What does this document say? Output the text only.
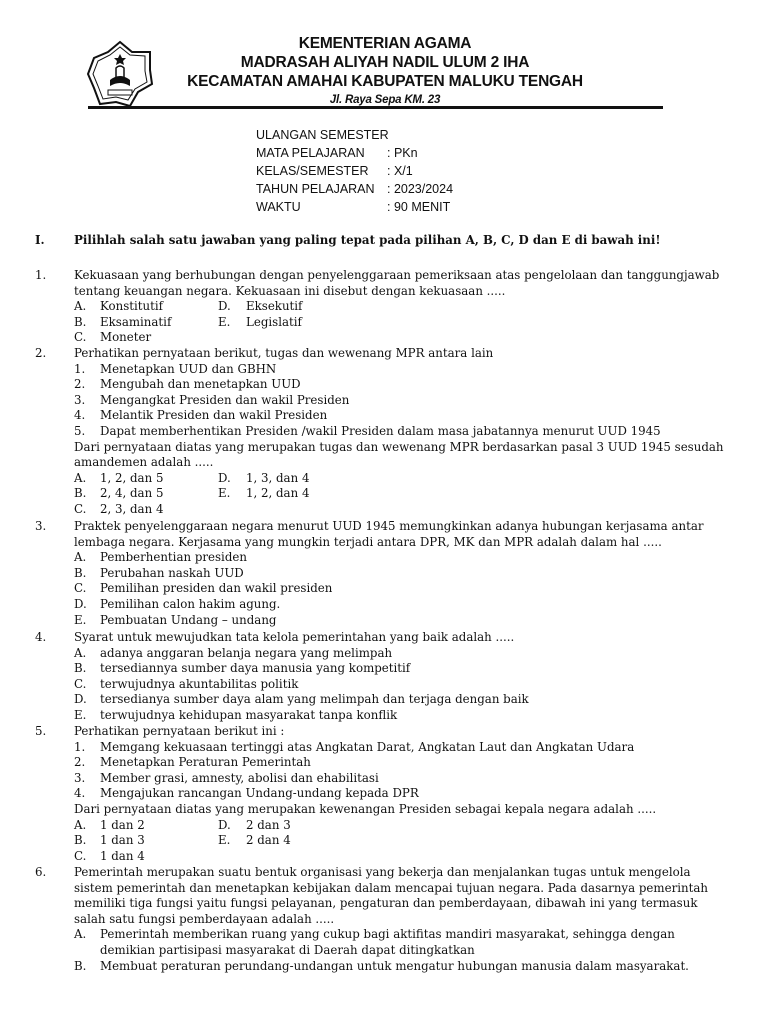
KEMENTERIAN AGAMA
MADRASAH ALIYAH NADIL ULUM 2 IHA
KECAMATAN AMAHAI KABUPATEN MALUKU TENGAH
Jl. Raya Sepa KM. 23
ULANGAN SEMESTER
MATA PELAJARAN : PKn
KELAS/SEMESTER : X/1
TAHUN PELAJARAN : 2023/2024
WAKTU	: 90 MENIT
I. Pilihlah salah satu jawaban yang paling tepat pada pilihan A, B, C, D dan E di bawah ini!
1. Kekuasaan yang berhubungan dengan penyelenggaraan pemeriksaan atas pengelolaan dan tanggungjawab
tentang keuangan negara. Kekuasaan ini disebut dengan kekuasaan .....
A. Konstitutif	D. Eksekutif
B. Eksaminatif	E. Legislatif
C. Moneter
2. Perhatikan pernyataan berikut, tugas dan wewenang MPR antara lain
1. Menetapkan UUD dan GBHN
2. Mengubah dan menetapkan UUD
3. Mengangkat Presiden dan wakil Presiden
4. Melantik Presiden dan wakil Presiden
5. Dapat memberhentikan Presiden /wakil Presiden dalam masa jabatannya menurut UUD 1945
Dari pernyataan diatas yang merupakan tugas dan wewenang MPR berdasarkan pasal 3 UUD 1945 sesudah
amandemen adalah .....
A. 1, 2, dan 5	D. 1, 3, dan 4
B. 2, 4, dan 5	E. 1, 2, dan 4
C. 2, 3, dan 4
3. Praktek penyelenggaraan negara menurut UUD 1945 memungkinkan adanya hubungan kerjasama antar
lembaga negara. Kerjasama yang mungkin terjadi antara DPR, MK dan MPR adalah dalam hal .....
A. Pemberhentian presiden
B. Perubahan naskah UUD
C. Pemilihan presiden dan wakil presiden
D. Pemilihan calon hakim agung.
E. Pembuatan Undang – undang
4. Syarat untuk mewujudkan tata kelola pemerintahan yang baik adalah .....
A. adanya anggaran belanja negara yang melimpah
B. tersediannya sumber daya manusia yang kompetitif
C. terwujudnya akuntabilitas politik
D. tersedianya sumber daya alam yang melimpah dan terjaga dengan baik
E. terwujudnya kehidupan masyarakat tanpa konflik
5. Perhatikan pernyataan berikut ini :
1. Memgang kekuasaan tertinggi atas Angkatan Darat, Angkatan Laut dan Angkatan Udara
2. Menetapkan Peraturan Pemerintah
3. Member grasi, amnesty, abolisi dan ehabilitasi
4. Mengajukan rancangan Undang-undang kepada DPR
Dari pernyataan diatas yang merupakan kewenangan Presiden sebagai kepala negara adalah .....
A. 1 dan 2	D. 2 dan 3
B. 1 dan 3	E. 2 dan 4
C. 1 dan 4
6. Pemerintah merupakan suatu bentuk organisasi yang bekerja dan menjalankan tugas untuk mengelola
sistem pemerintah dan menetapkan kebijakan dalam mencapai tujuan negara. Pada dasarnya pemerintah
memiliki tiga fungsi yaitu fungsi pelayanan, pengaturan dan pemberdayaan, dibawah ini yang termasuk
salah satu fungsi pemberdayaan adalah .....
A. Pemerintah memberikan ruang yang cukup bagi aktifitas mandiri masyarakat, sehingga dengan
demikian partisipasi masyarakat di Daerah dapat ditingkatkan
B. Membuat peraturan perundang-undangan untuk mengatur hubungan manusia dalam masyarakat.
